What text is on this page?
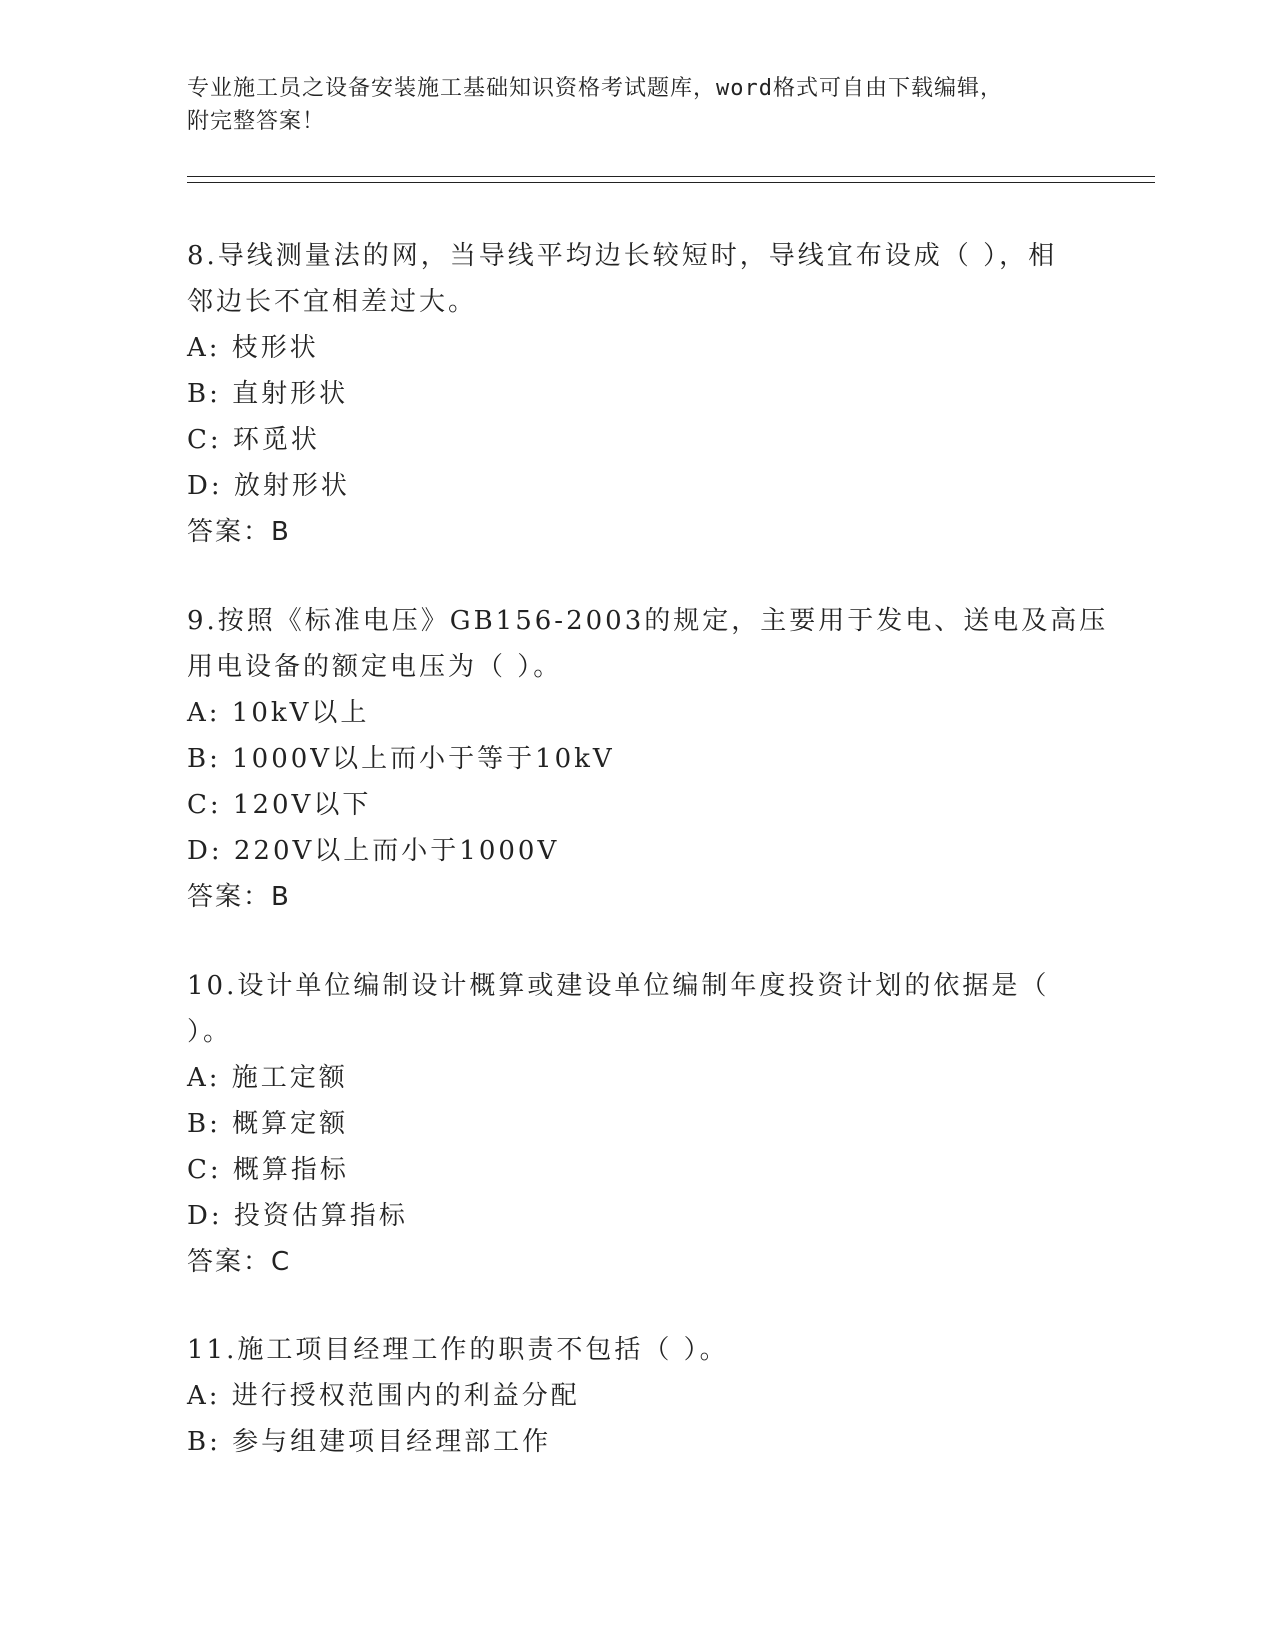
专业施工员之设备安装施工基础知识资格考试题库，word格式可自由下载编辑，
附完整答案！
8.导线测量法的网，当导线平均边长较短时，导线宜布设成（ ），相
邻边长不宜相差过大。
A: 枝形状
B: 直射形状
C: 环觅状
D: 放射形状
答案：B
9.按照《标准电压》GB156-2003的规定，主要用于发电、送电及高压
用电设备的额定电压为（ ）。
A: 10kV以上
B: 1000V以上而小于等于10kV
C: 120V以下
D: 220V以上而小于1000V
答案：B
10.设计单位编制设计概算或建设单位编制年度投资计划的依据是（
）。
A: 施工定额
B: 概算定额
C: 概算指标
D: 投资估算指标
答案：C
11.施工项目经理工作的职责不包括（ ）。
A: 进行授权范围内的利益分配
B: 参与组建项目经理部工作
